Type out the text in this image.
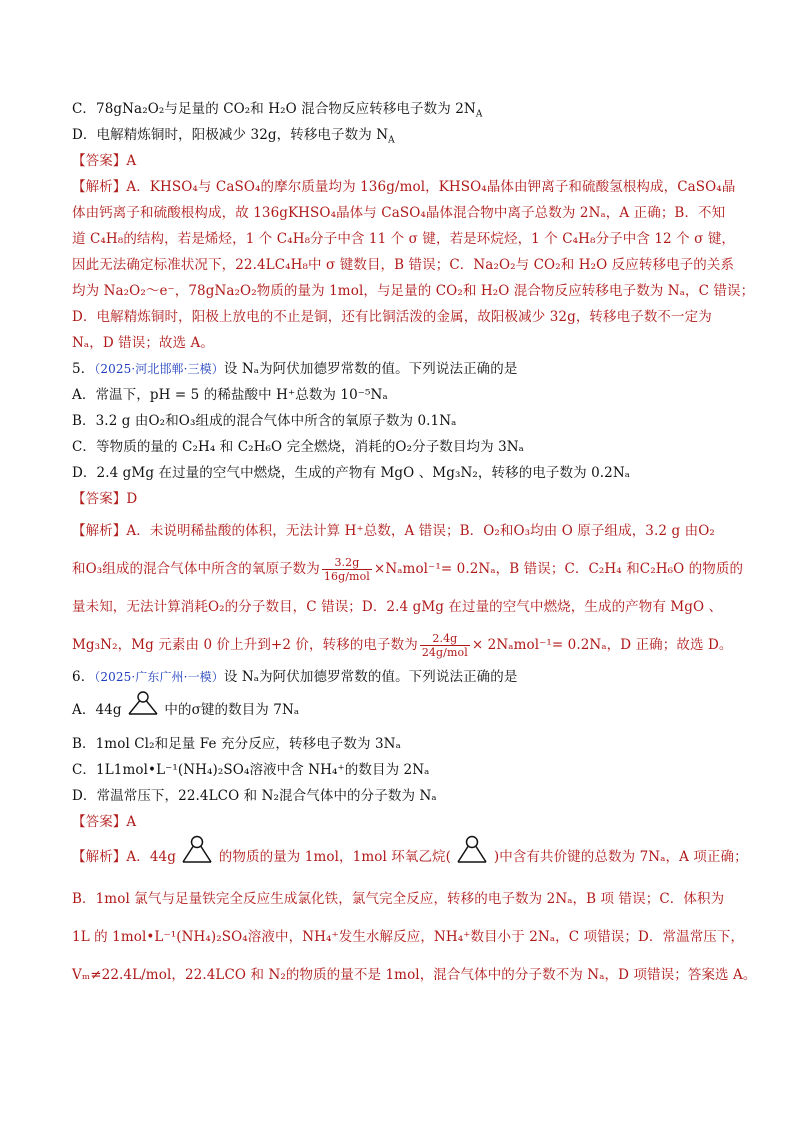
C．78gNa₂O₂与足量的 CO₂和 H₂O 混合物反应转移电子数为 $2N_A$
D．电解精炼铜时，阳极减少 32g，转移电子数为 $N_A$
【答案】A
【解析】A．KHSO₄与 CaSO₄的摩尔质量均为 136g/mol，KHSO₄晶体由钾离子和硫酸氢根构成，CaSO₄晶
体由钙离子和硫酸根构成，故 136gKHSO₄晶体与 CaSO₄晶体混合物中离子总数为 2Nₐ，A 正确；B．不知
道 C₄H₈的结构，若是烯烃，1 个 C₄H₈分子中含 11 个 σ 键，若是环烷烃，1 个 C₄H₈分子中含 12 个 σ 键，
因此无法确定标准状况下，22.4LC₄H₈中 σ 键数目，B 错误；C．Na₂O₂与 CO₂和 H₂O 反应转移电子的关系
均为 Na₂O₂～e⁻，78gNa₂O₂物质的量为 1mol，与足量的 CO₂和 H₂O 混合物反应转移电子数为 Nₐ，C 错误；
D．电解精炼铜时，阳极上放电的不止是铜，还有比铜活泼的金属，故阳极减少 32g，转移电子数不一定为
Nₐ，D 错误；故选 A。
5．（2025·河北邯郸·三模）设 Nₐ为阿伏加德罗常数的值。下列说法正确的是
A．常温下，pH = 5 的稀盐酸中 H⁺总数为 10⁻⁵Nₐ
B．3.2 g 由O₂和O₃组成的混合气体中所含的氧原子数为 0.1Nₐ
C．等物质的量的 C₂H₄ 和 C₂H₆O 完全燃烧，消耗的O₂分子数目均为 3Nₐ
D．2.4 gMg 在过量的空气中燃烧，生成的产物有 MgO 、Mg₃N₂，转移的电子数为 0.2Nₐ
【答案】D
【解析】A．未说明稀盐酸的体积，无法计算 H⁺总数，A 错误；B．O₂和O₃均由 O 原子组成，3.2 g 由O₂
和O₃组成的混合气体中所含的氧原子数为 $\frac{3.2g}{\text{16g/mol}} \times N_amol^{-1}= 0.2N_a$，B 错误；C．C₂H₄ 和C₂H₆O 的物质的
量未知，无法计算消耗O₂的分子数目，C 错误；D．2.4 gMg 在过量的空气中燃烧，生成的产物有 MgO 、
Mg₃N₂，Mg 元素由 0 价上升到+2 价，转移的电子数为 $\frac{2.4g}{\text{24g/mol}} \times 2N_amol^{-1}= 0.2N_a$，D 正确；故选 D。
6．（2025·广东广州·一模）设 Nₐ为阿伏加德罗常数的值。下列说法正确的是
A．44g	中的σ键的数目为 7Nₐ
B．1mol Cl₂和足量 Fe 充分反应，转移电子数为 3Nₐ
C．1L1mol•L⁻¹(NH₄)₂SO₄溶液中含 NH₄⁺的数目为 2Nₐ
D．常温常压下，22.4LCO 和 N₂混合气体中的分子数为 Nₐ
【答案】A
【解析】A．44g	的物质的量为 1mol，1mol 环氧乙烷(	)中含有共价键的总数为 7Nₐ，A 项正确；
B．1mol 氯气与足量铁完全反应生成氯化铁，氯气完全反应，转移的电子数为 2Nₐ，B 项 错误；C．体积为
1L 的 1mol•L⁻¹(NH₄)₂SO₄溶液中，NH₄⁺发生水解反应，NH₄⁺数目小于 2Nₐ，C 项错误；D．常温常压下，
Vₘ≠22.4L/mol，22.4LCO 和 N₂的物质的量不是 1mol，混合气体中的分子数不为 Nₐ，D 项错误；答案选 A。
